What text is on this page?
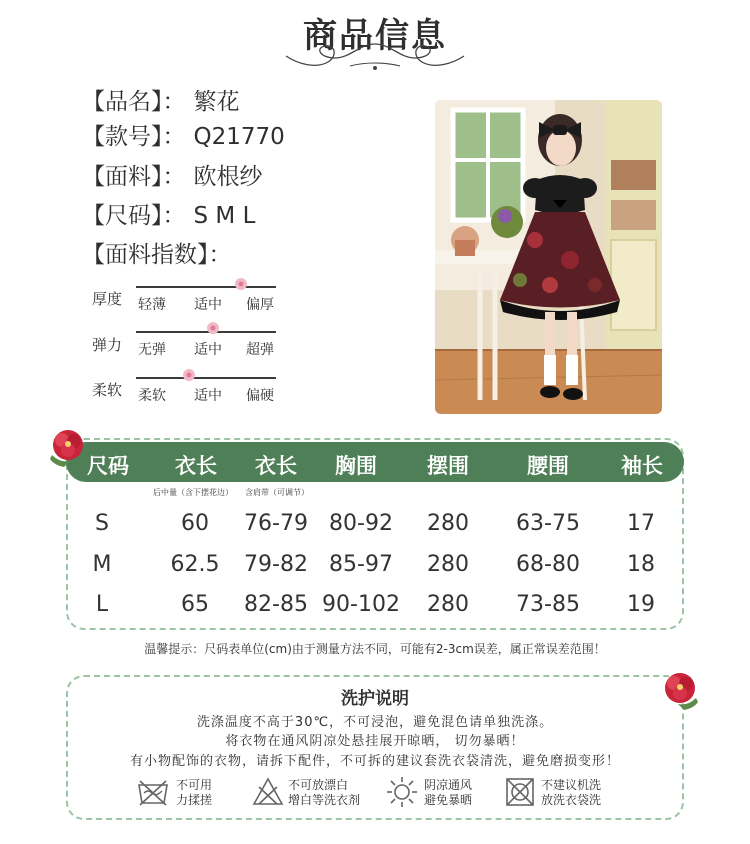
商品信息
【品名】： 繁花
【款号】： Q21770
【面料】： 欧根纱
【尺码】： S M L
【面料指数】：
厚度 轻薄 适中 偏厚
弹力 无弹 适中 超弹
柔软 柔软 适中 偏硬
尺码	衣长	衣长	胸围	摆围	腰围	袖长
后中量（含下摆花边） 含肩带（可调节）
S	60	76-79 80-92	280	63-75	17
M	62.5	79-82 85-97	280	68-80	18
L	65	82-85 90-102	280	73-85	19
温馨提示：尺码表单位(cm)由于测量方法不同，可能有2-3cm误差，属正常误差范围！
洗护说明
洗涤温度不高于30℃，不可浸泡，避免混色请单独洗涤。
将衣物在通风阴凉处悬挂展开晾晒， 切勿暴晒！
有小物配饰的衣物，请拆下配件，不可拆的建议套洗衣袋清洗，避免磨损变形！
不可用
力揉搓
不可放漂白
增白等洗衣剂
阴凉通风
避免暴晒
不建议机洗
放洗衣袋洗
